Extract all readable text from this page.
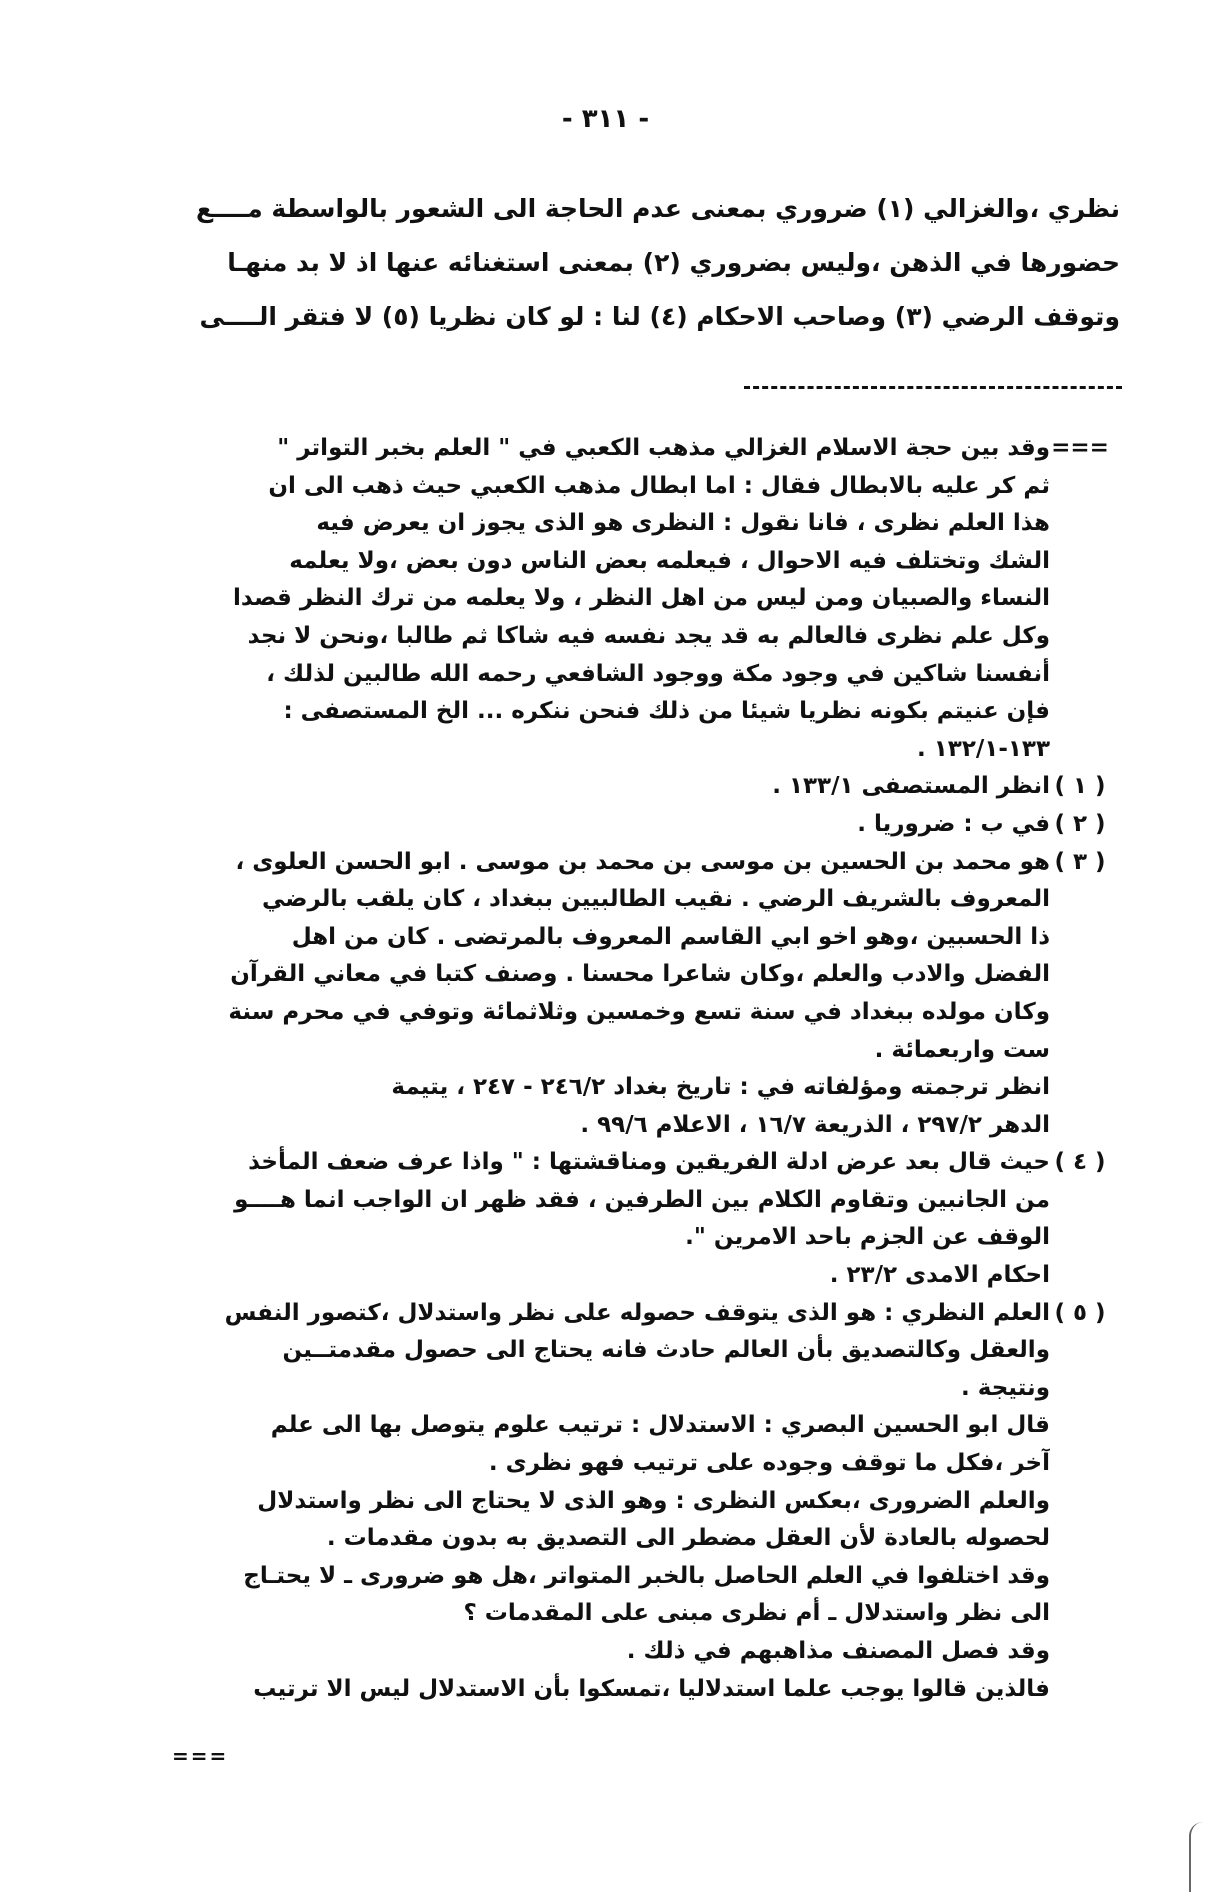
- ٣١١ -
نظري ،والغزالي (١) ضروري بمعنى عدم الحاجة الى الشعور بالواسطة مــــع
حضورها في الذهن ،وليس بضروري (٢) بمعنى استغنائه عنها اذ لا بد منهـا
وتوقف الرضي (٣) وصاحب الاحكام (٤) لنا : لو كان نظريا (٥) لا فتقر الــــى
===
وقد بين حجة الاسلام الغزالي مذهب الكعبي في " العلم بخبر التواتر "
ثم كر عليه بالابطال فقال : اما ابطال مذهب الكعبي حيث ذهب الى ان
هذا العلم نظرى ، فانا نقول : النظرى هو الذى يجوز ان يعرض فيه
الشك وتختلف فيه الاحوال ، فيعلمه بعض الناس دون بعض ،ولا يعلمه
النساء والصبيان ومن ليس من اهل النظر ، ولا يعلمه من ترك النظر قصدا
وكل علم نظرى فالعالم به قد يجد نفسه فيه شاكا ثم طالبا ،ونحن لا نجد
أنفسنا شاكين في وجود مكة ووجود الشافعي رحمه الله طالبين لذلك ،
فإن عنيتم بكونه نظريا شيئا من ذلك فنحن ننكره ... الخ المستصفى :
١٣٣-١٣٢/١ .
( ١ )
انظر المستصفى ١٣٣/١ .
( ٢ )
في ب : ضروريا .
( ٣ )
هو محمد بن الحسين بن موسى بن محمد بن موسى . ابو الحسن العلوى ،
المعروف بالشريف الرضي . نقيب الطالبيين ببغداد ، كان يلقب بالرضي
ذا الحسبين ،وهو اخو ابي القاسم المعروف بالمرتضى . كان من اهل
الفضل والادب والعلم ،وكان شاعرا محسنا . وصنف كتبا في معاني القرآن
وكان مولده ببغداد في سنة تسع وخمسين وثلاثمائة وتوفي في محرم سنة
ست واربعمائة .
انظر ترجمته ومؤلفاته في : تاريخ بغداد ٢٤٦/٢ - ٢٤٧ ، يتيمة
الدهر ٢٩٧/٢ ، الذريعة ١٦/٧ ، الاعلام ٩٩/٦ .
( ٤ )
حيث قال بعد عرض ادلة الفريقين ومناقشتها : " واذا عرف ضعف المأخذ
من الجانبين وتقاوم الكلام بين الطرفين ، فقد ظهر ان الواجب انما هــــو
الوقف عن الجزم باحد الامرين ".
احكام الامدى ٢٣/٢ .
( ٥ )
العلم النظري : هو الذى يتوقف حصوله على نظر واستدلال ،كتصور النفس
والعقل وكالتصديق بأن العالم حادث فانه يحتاج الى حصول مقدمتــين
ونتيجة .
قال ابو الحسين البصري : الاستدلال : ترتيب علوم يتوصل بها الى علم
آخر ،فكل ما توقف وجوده على ترتيب فهو نظرى .
والعلم الضرورى ،بعكس النظرى : وهو الذى لا يحتاج الى نظر واستدلال
لحصوله بالعادة لأن العقل مضطر الى التصديق به بدون مقدمات .
وقد اختلفوا في العلم الحاصل بالخبر المتواتر ،هل هو ضرورى ـ لا يحتـاج
الى نظر واستدلال ـ أم نظرى مبنى على المقدمات ؟
وقد فصل المصنف مذاهبهم في ذلك .
فالذين قالوا يوجب علما استدلاليا ،تمسكوا بأن الاستدلال ليس الا ترتيب
===
